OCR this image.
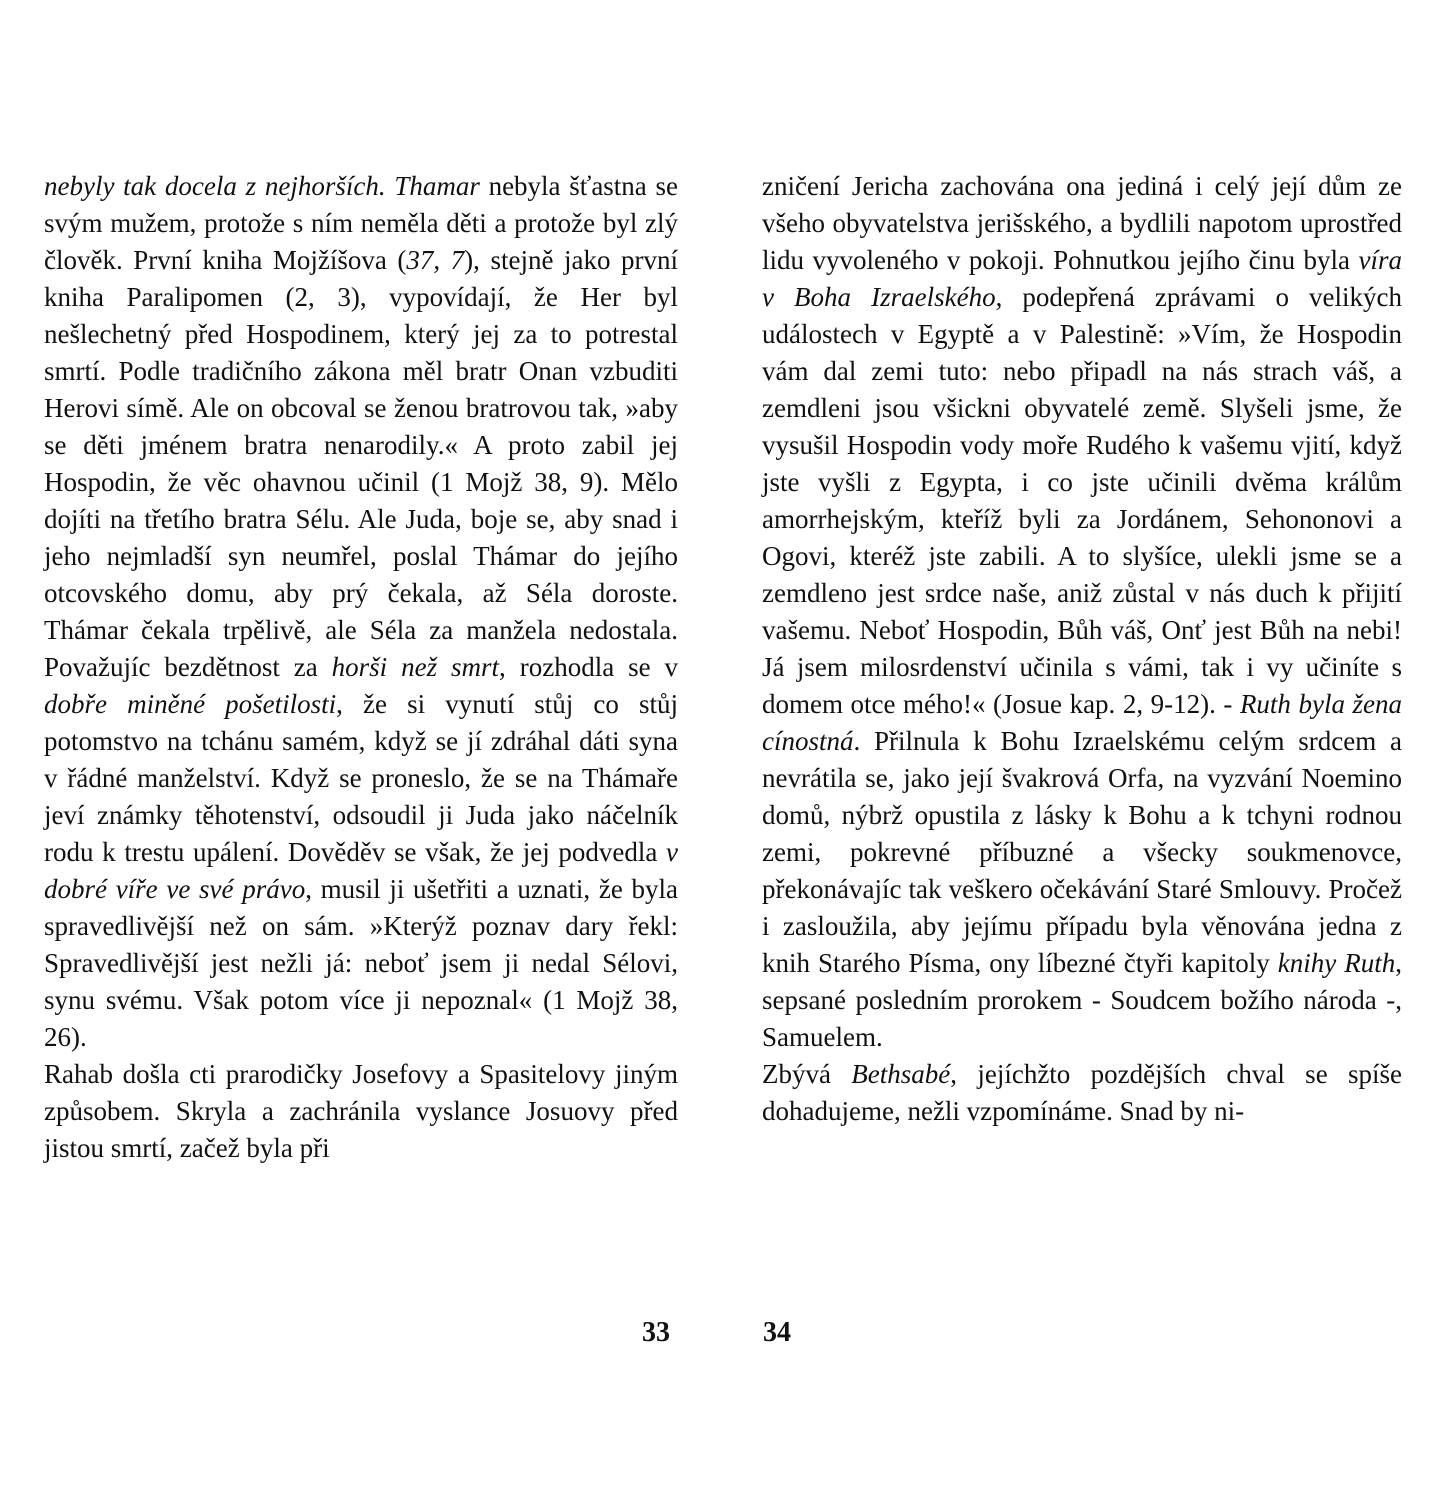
nebyly tak docela z nejhorších. Thamar nebyla šťastna se svým mužem, protože s ním neměla děti a protože byl zlý člověk. První kniha Mojžíšova (37, 7), stejně jako první kniha Paralipomen (2, 3), vypovídají, že Her byl nešlechetný před Hospodinem, který jej za to potrestal smrtí. Podle tradičního zákona měl bratr Onan vzbuditi Herovi símě. Ale on obcoval se ženou bratrovou tak, »aby se děti jménem bratra nenarodily.« A proto zabil jej Hospodin, že věc ohavnou učinil (1 Mojž 38, 9). Mělo dojíti na třetího bratra Sélu. Ale Juda, boje se, aby snad i jeho nejmladší syn neumřel, poslal Thámar do jejího otcovského domu, aby prý čekala, až Séla doroste. Thámar čekala trpělivě, ale Séla za manžela nedostala. Považujíc bezdětnost za horši než smrt, rozhodla se v dobře miněné pošetilosti, že si vynutí stůj co stůj potomstvo na tchánu samém, když se jí zdráhal dáti syna v řádné manželství. Když se proneslo, že se na Thámaře jeví známky těhotenství, odsoudil ji Juda jako náčelník rodu k trestu upálení. Dověděv se však, že jej podvedla v dobré víře ve své právo, musil ji ušetřiti a uznati, že byla spravedlivější než on sám. »Kterýž poznav dary řekl: Spravedlivější jest nežli já: neboť jsem ji nedal Sélovi, synu svému. Však potom více ji nepoznal« (1 Mojž 38, 26).

Rahab došla cti prarodičky Josefovy a Spasitelovy jiným způsobem. Skryla a zachránila vyslance Josuovy před jistou smrtí, začež byla při

zničení Jericha zachována ona jediná i celý její dům ze všeho obyvatelstva jerišského, a bydlili napotom uprostřed lidu vyvoleného v pokoji. Pohnutkou jejího činu byla víra v Boha Izraelského, podepřená zprávami o velikých událostech v Egyptě a v Palestině: »Vím, že Hospodin vám dal zemi tuto: nebo připadl na nás strach váš, a zemdleni jsou všickni obyvatelé země. Slyšeli jsme, že vysušil Hospodin vody moře Rudého k vašemu vjití, když jste vyšli z Egypta, i co jste učinili dvěma králům amorrhejským, kteříž byli za Jordánem, Sehononovi a Ogovi, kteréž jste zabili. A to slyšíce, ulekli jsme se a zemdleno jest srdce naše, aniž zůstal v nás duch k přijití vašemu. Neboť Hospodin, Bůh váš, Onť jest Bůh na nebi! Já jsem milosrdenství učinila s vámi, tak i vy učiníte s domem otce mého!« (Josue kap. 2, 9-12). - Ruth byla žena cínostná. Přilnula k Bohu Izraelskému celým srdcem a nevrátila se, jako její švakrová Orfa, na vyzvání Noemino domů, nýbrž opustila z lásky k Bohu a k tchyni rodnou zemi, pokrevné příbuzné a všecky soukmenovce, překonávajíc tak veškero očekávání Staré Smlouvy. Pročež i zasloužila, aby jejímu případu byla věnována jedna z knih Starého Písma, ony líbezné čtyři kapitoly knihy Ruth, sepsané posledním prorokem - Soudcem božího národa -, Samuelem.

Zbývá Bethsabé, jejíchžto pozdějších chval se spíše dohadujeme, nežli vzpomínáme. Snad by ni-

33	34
